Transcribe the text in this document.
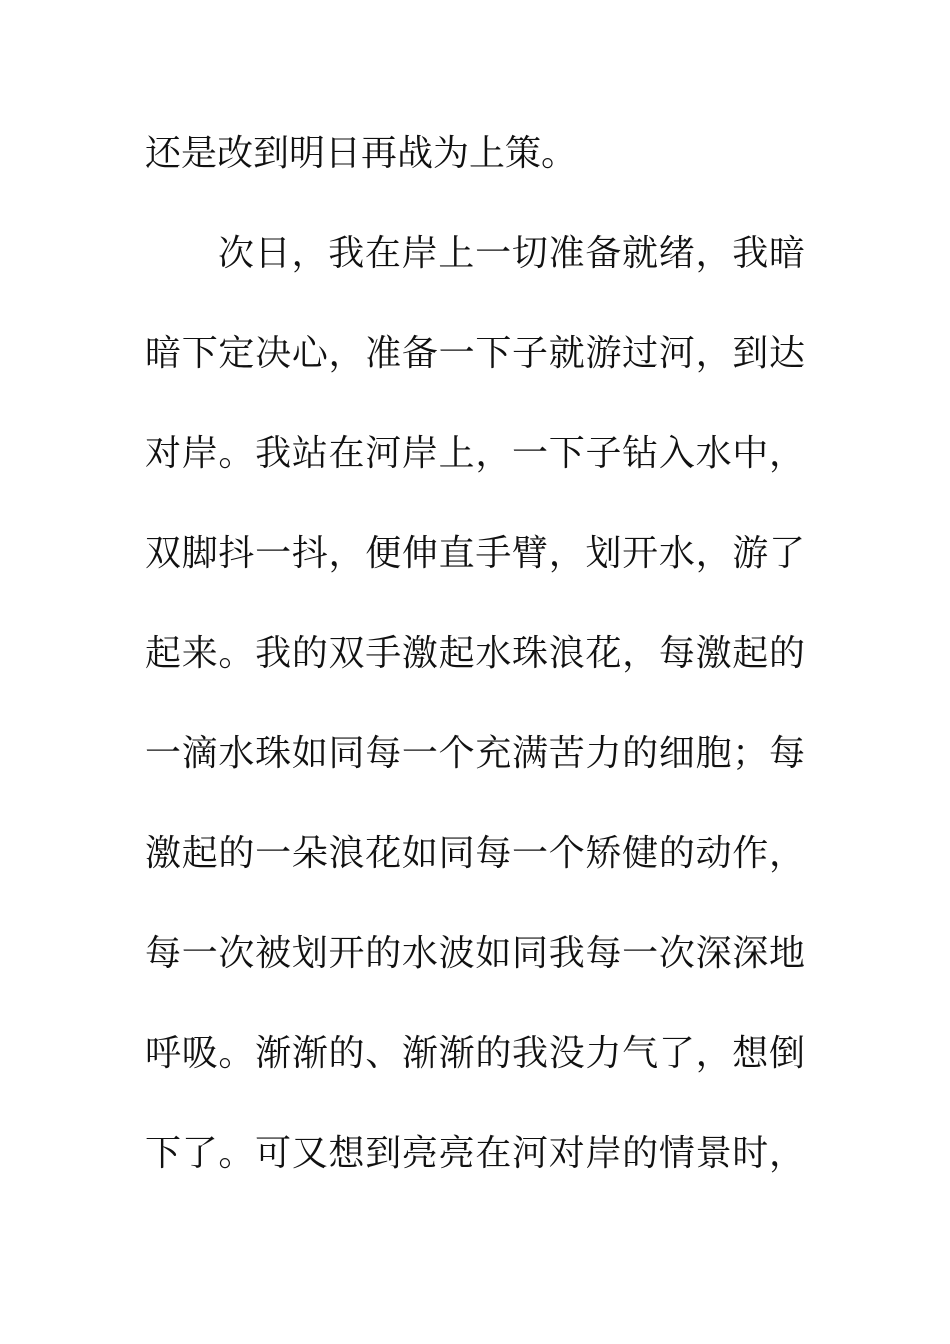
还是改到明日再战为上策。
次日，我在岸上一切准备就绪，我暗
暗下定决心，准备一下子就游过河，到达
对岸。我站在河岸上，一下子钻入水中，
双脚抖一抖，便伸直手臂，划开水，游了
起来。我的双手激起水珠浪花，每激起的
一滴水珠如同每一个充满苦力的细胞；每
激起的一朵浪花如同每一个矫健的动作，
每一次被划开的水波如同我每一次深深地
呼吸。渐渐的、渐渐的我没力气了，想倒
下了。可又想到亮亮在河对岸的情景时，
